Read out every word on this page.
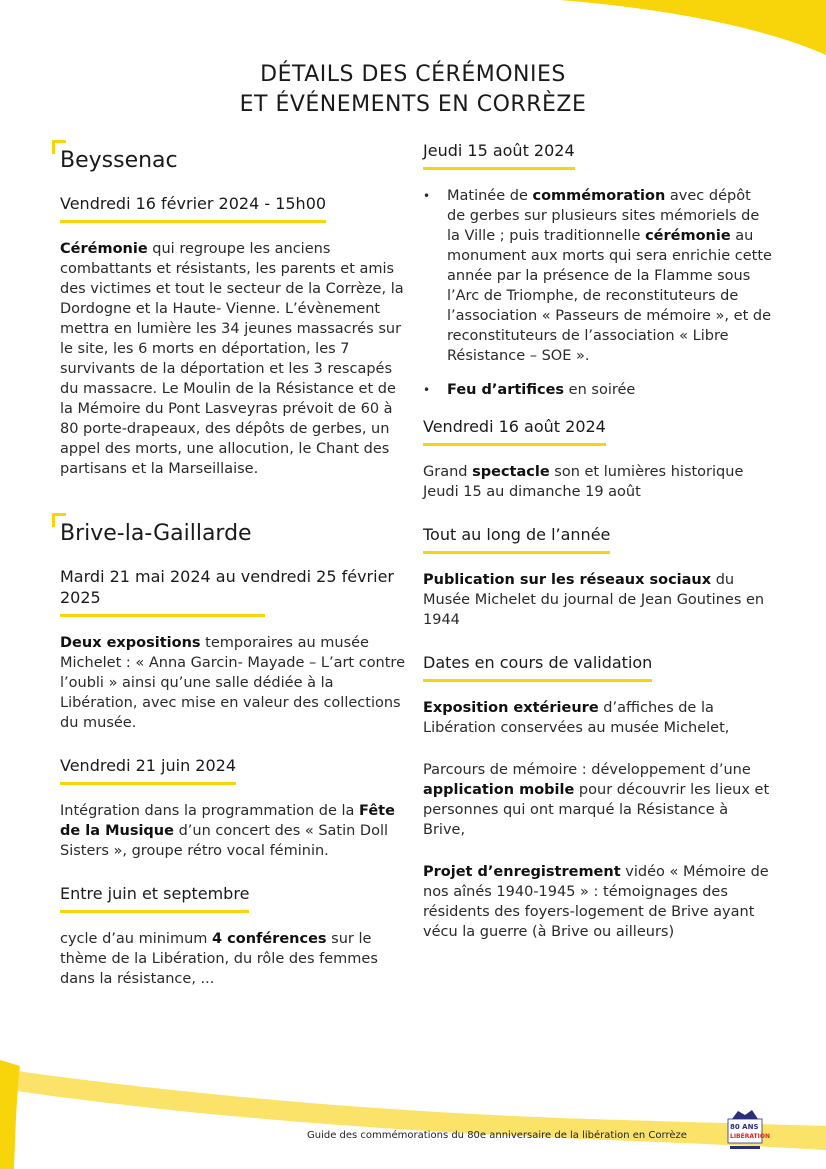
DÉTAILS DES CÉRÉMONIES
ET ÉVÉNEMENTS EN CORRÈZE
Beyssenac
Vendredi 16 février 2024 - 15h00

Cérémonie qui regroupe les anciens combattants et résistants, les parents et amis des victimes et tout le secteur de la Corrèze, la Dordogne et la Haute- Vienne. L’évènement mettra en lumière les 34 jeunes massacrés sur le site, les 6 morts en déportation, les 7 survivants de la déportation et les 3 rescapés du massacre. Le Moulin de la Résistance et de la Mémoire du Pont Lasveyras prévoit de 60 à 80 porte-drapeaux, des dépôts de gerbes, un appel des morts, une allocution, le Chant des partisans et la Marseillaise.

Brive-la-Gaillarde
Mardi 21 mai 2024 au vendredi 25 février 2025

Deux expositions temporaires au musée Michelet : « Anna Garcin- Mayade – L’art contre l’oubli » ainsi qu’une salle dédiée à la Libération, avec mise en valeur des collections du musée.

Vendredi 21 juin 2024

Intégration dans la programmation de la Fête de la Musique d’un concert des « Satin Doll Sisters », groupe rétro vocal féminin.

Entre juin et septembre

cycle d’au minimum 4 conférences sur le thème de la Libération, du rôle des femmes dans la résistance, ...

Jeudi 15 août 2024
• Matinée de commémoration avec dépôt de gerbes sur plusieurs sites mémoriels de la Ville ; puis traditionnelle cérémonie au monument aux morts qui sera enrichie cette année par la présence de la Flamme sous l’Arc de Triomphe, de reconstituteurs de l’association « Passeurs de mémoire », et de reconstituteurs de l’association « Libre Résistance – SOE ».
• Feu d’artifices en soirée
Vendredi 16 août 2024

Grand spectacle son et lumières historique Jeudi 15 au dimanche 19 août

Tout au long de l’année

Publication sur les réseaux sociaux du Musée Michelet du journal de Jean Goutines en 1944

Dates en cours de validation

Exposition extérieure d’affiches de la Libération conservées au musée Michelet,

Parcours de mémoire : développement d’une application mobile pour découvrir les lieux et personnes qui ont marqué la Résistance à Brive,

Projet d’enregistrement vidéo « Mémoire de nos aînés 1940-1945 » : témoignages des résidents des foyers-logement de Brive ayant vécu la guerre (à Brive ou ailleurs)

Guide des commémorations du 80e anniversaire de la libération en Corrèze
80 ANS
LIBÉRATION
